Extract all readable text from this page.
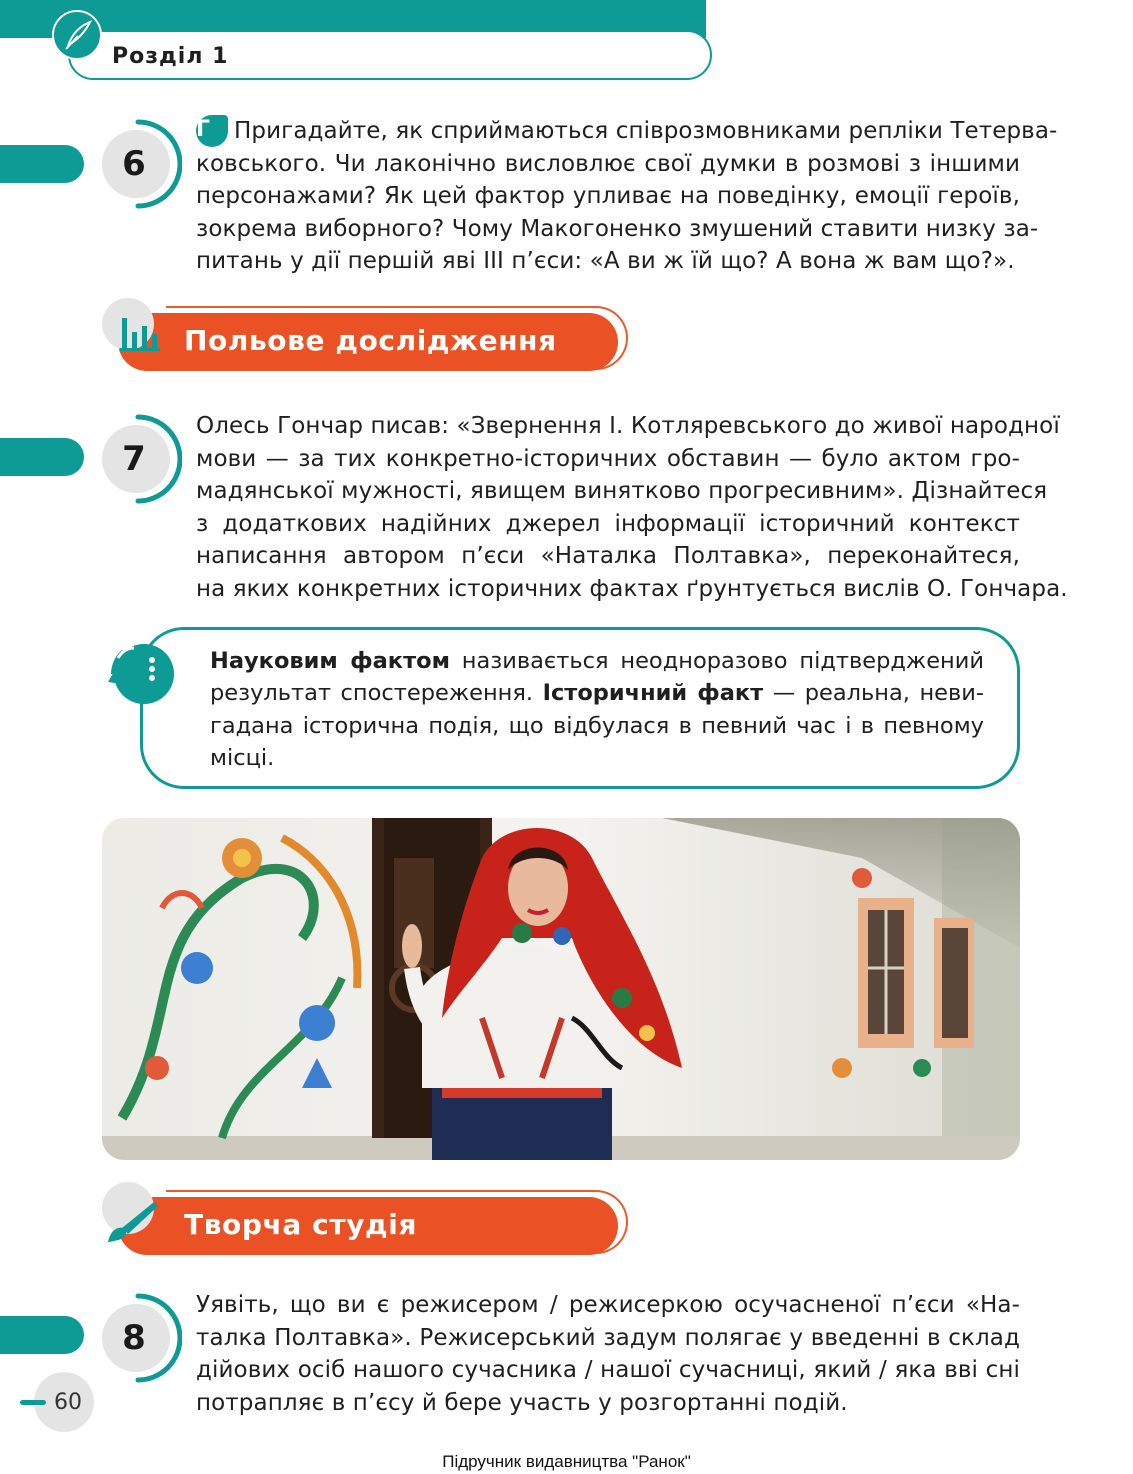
Розділ 1
6
Г Пригадайте, як сприймаються співрозмовниками репліки Тетерва-
ковського. Чи лаконічно висловлює свої думки в розмові з іншими
персонажами? Як цей фактор упливає на поведінку, емоції героїв,
зокрема виборного? Чому Макогоненко змушений ставити низку за-
питань у дії першій яві ІІІ п’єси: «А ви ж їй що? А вона ж вам що?».
Польове дослідження
7
Олесь Гончар писав: «Звернення І. Котляревського до живої народної
мови — за тих конкретно-історичних обставин — було актом гро-
мадянської мужності, явищем винятково прогресивним». Дізнайтеся
з додаткових надійних джерел інформації історичний контекст
написання автором п’єси «Наталка Полтавка», переконайтеся,
на яких конкретних історичних фактах ґрунтується вислів О. Гончара.
Науковим фактом називається неодноразово підтверджений
результат спостереження. Історичний факт — реальна, неви-
гадана історична подія, що відбулася в певний час і в певному
місці.
Творча студія
8
Уявіть, що ви є режисером / режисеркою осучасненої п’єси «На-
талка Полтавка». Режисерський задум полягає у введенні в склад
дійових осіб нашого сучасника / нашої сучасниці, який / яка вві сні
потрапляє в п’єсу й бере участь у розгортанні подій.
60
Підручник видавництва "Ранок"
